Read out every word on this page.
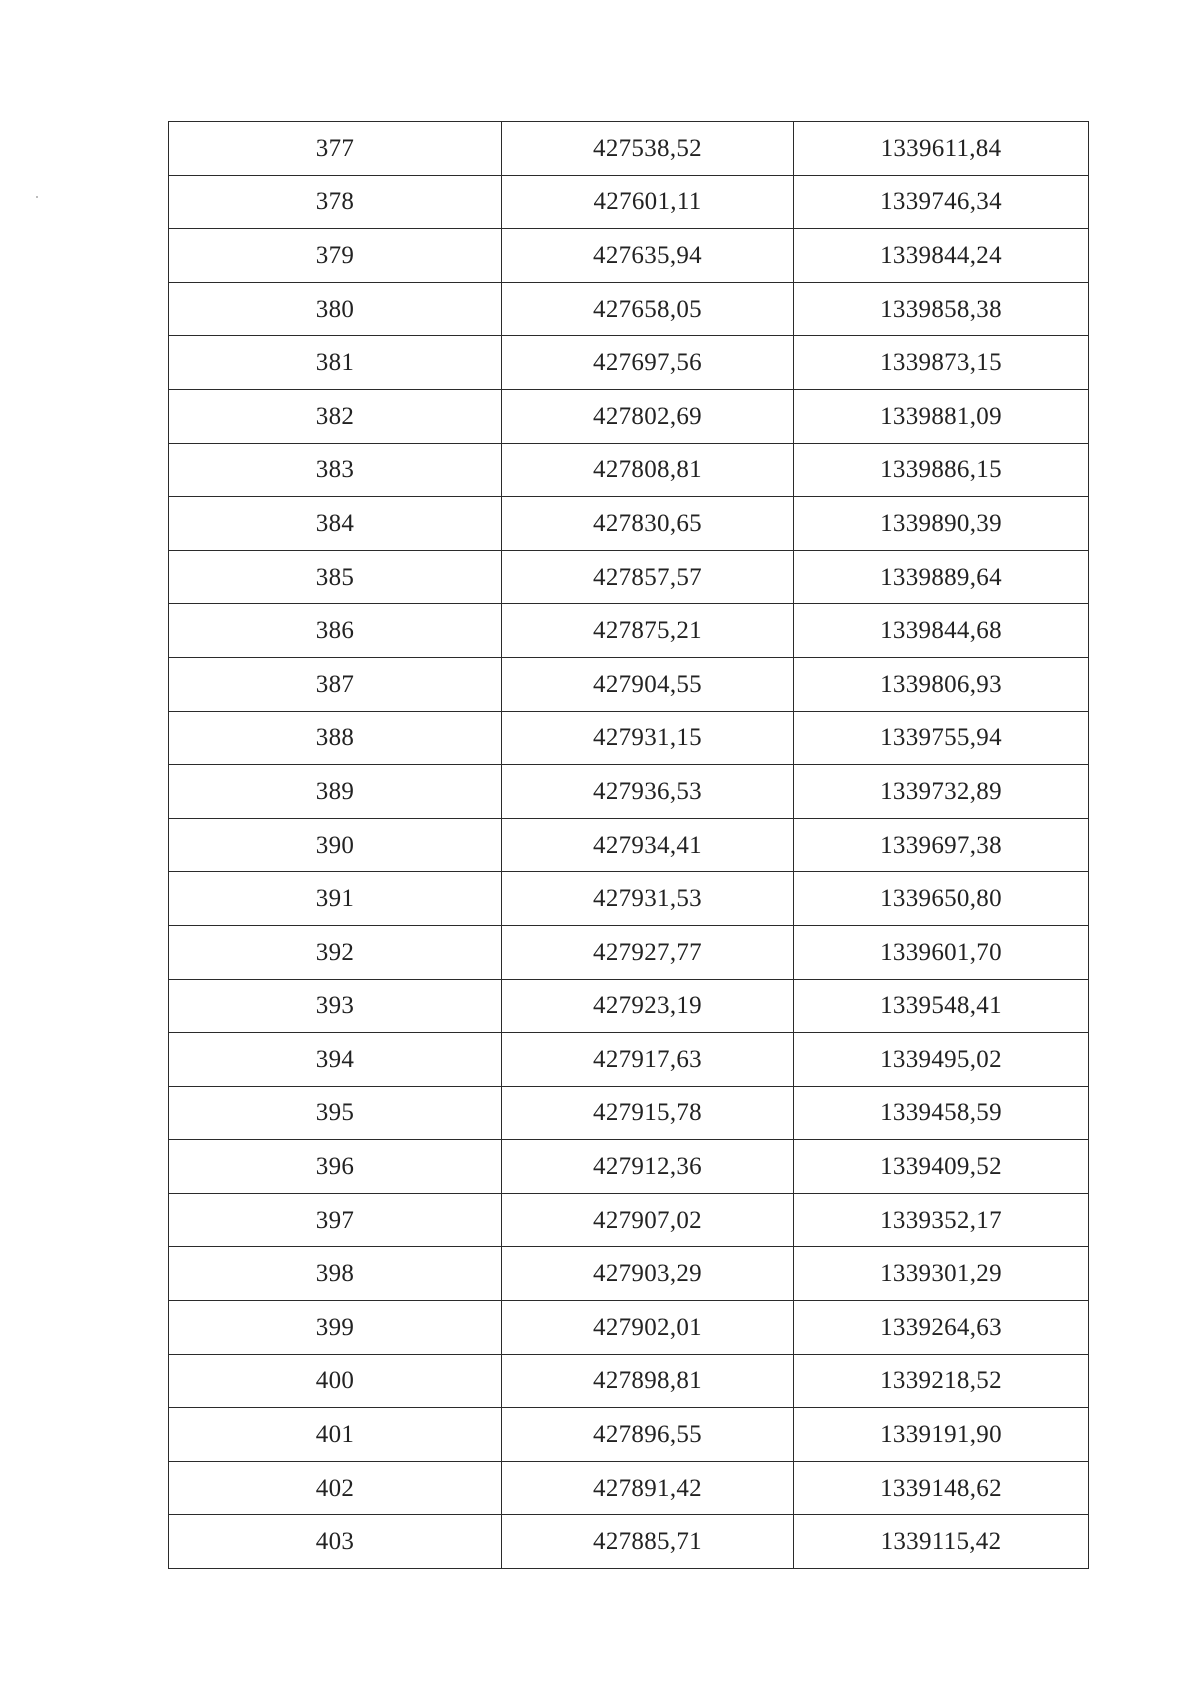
377	427538,52	1339611,84
378	427601,11	1339746,34
379	427635,94	1339844,24
380	427658,05	1339858,38
381	427697,56	1339873,15
382	427802,69	1339881,09
383	427808,81	1339886,15
384	427830,65	1339890,39
385	427857,57	1339889,64
386	427875,21	1339844,68
387	427904,55	1339806,93
388	427931,15	1339755,94
389	427936,53	1339732,89
390	427934,41	1339697,38
391	427931,53	1339650,80
392	427927,77	1339601,70
393	427923,19	1339548,41
394	427917,63	1339495,02
395	427915,78	1339458,59
396	427912,36	1339409,52
397	427907,02	1339352,17
398	427903,29	1339301,29
399	427902,01	1339264,63
400	427898,81	1339218,52
401	427896,55	1339191,90
402	427891,42	1339148,62
403	427885,71	1339115,42
